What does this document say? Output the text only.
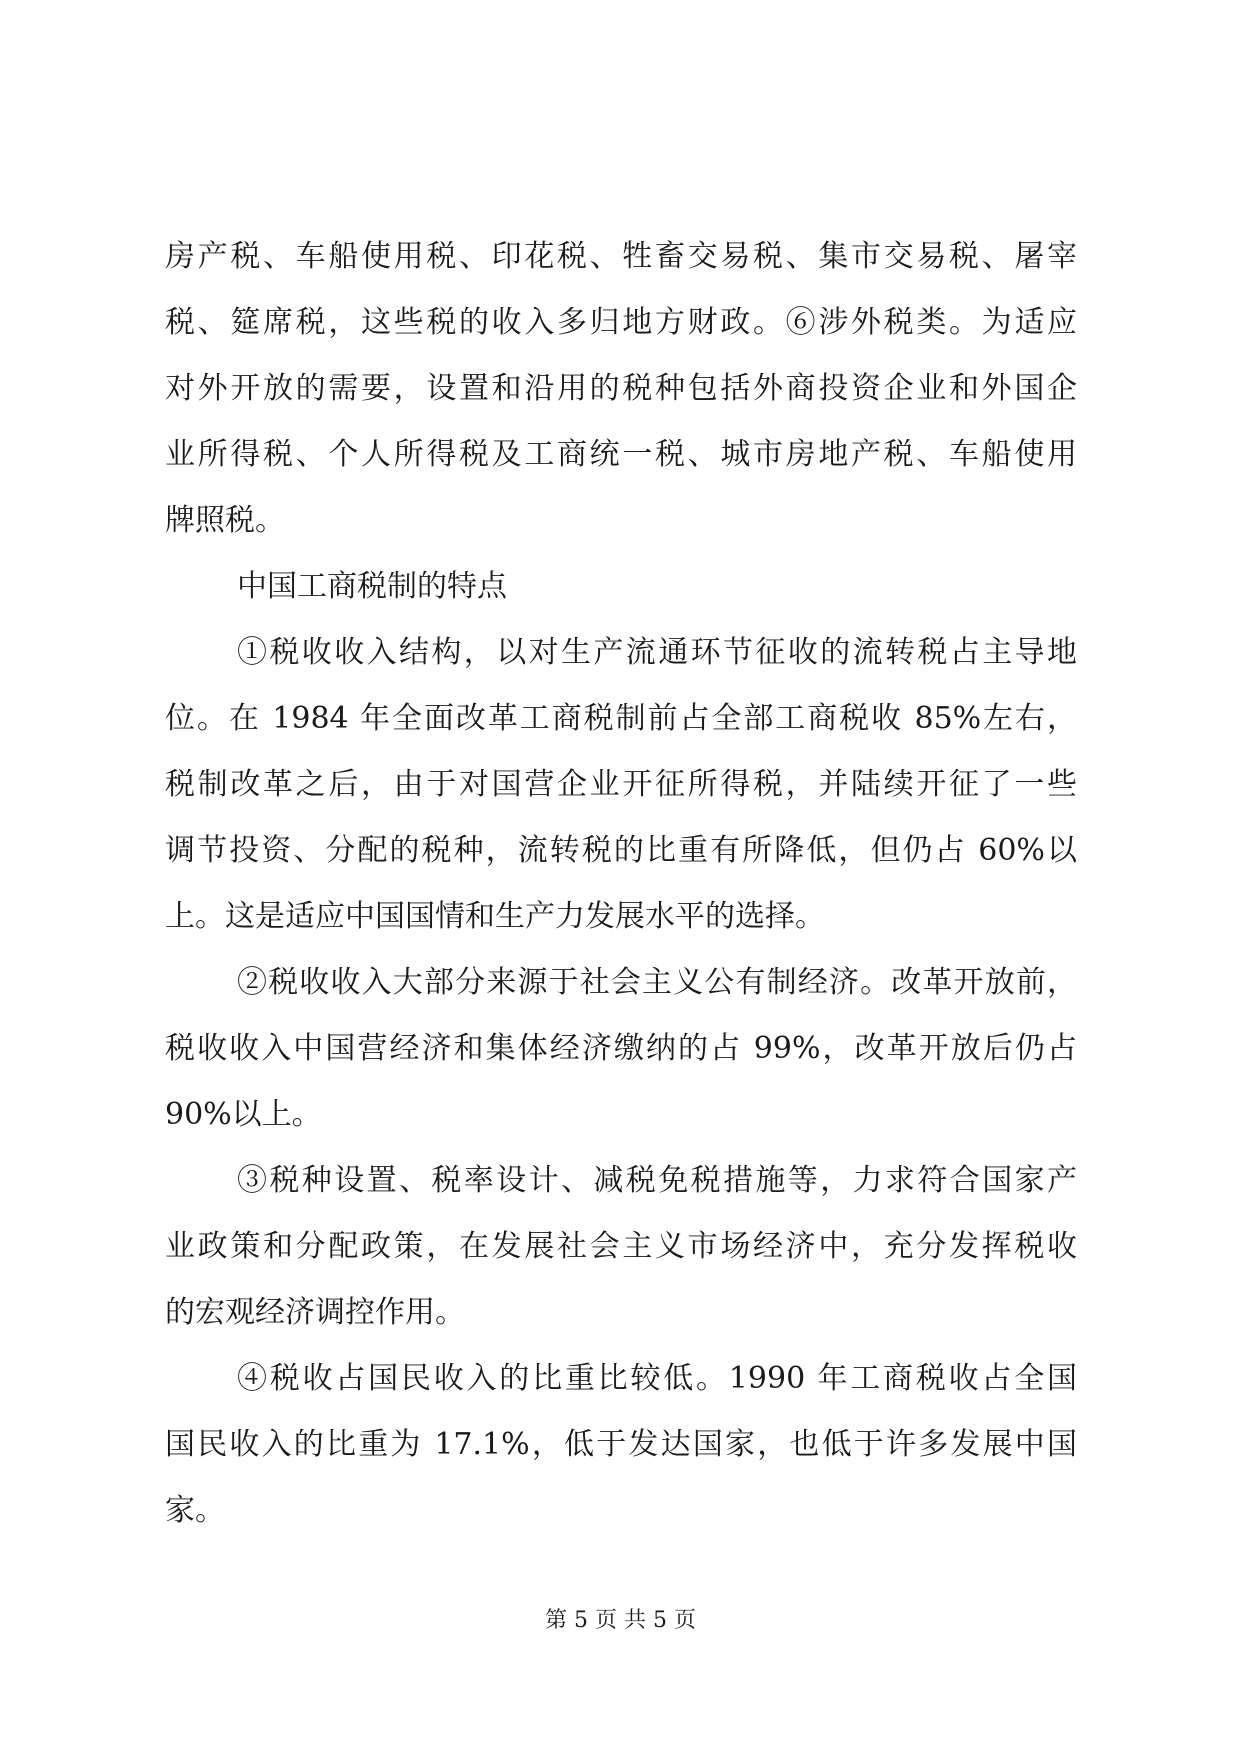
房产税、车船使用税、印花税、牲畜交易税、集市交易税、屠宰
税、筵席税，这些税的收入多归地方财政。⑥涉外税类。为适应
对外开放的需要，设置和沿用的税种包括外商投资企业和外国企
业所得税、个人所得税及工商统一税、城市房地产税、车船使用
牌照税。
中国工商税制的特点
①税收收入结构，以对生产流通环节征收的流转税占主导地
位。在 1984 年全面改革工商税制前占全部工商税收 85%左右，
税制改革之后，由于对国营企业开征所得税，并陆续开征了一些
调节投资、分配的税种，流转税的比重有所降低，但仍占 60%以
上。这是适应中国国情和生产力发展水平的选择。
②税收收入大部分来源于社会主义公有制经济。改革开放前，
税收收入中国营经济和集体经济缴纳的占 99%，改革开放后仍占
90%以上。
③税种设置、税率设计、减税免税措施等，力求符合国家产
业政策和分配政策，在发展社会主义市场经济中，充分发挥税收
的宏观经济调控作用。
④税收占国民收入的比重比较低。1990 年工商税收占全国
国民收入的比重为 17.1%，低于发达国家，也低于许多发展中国
家。
第 5 页 共 5 页
